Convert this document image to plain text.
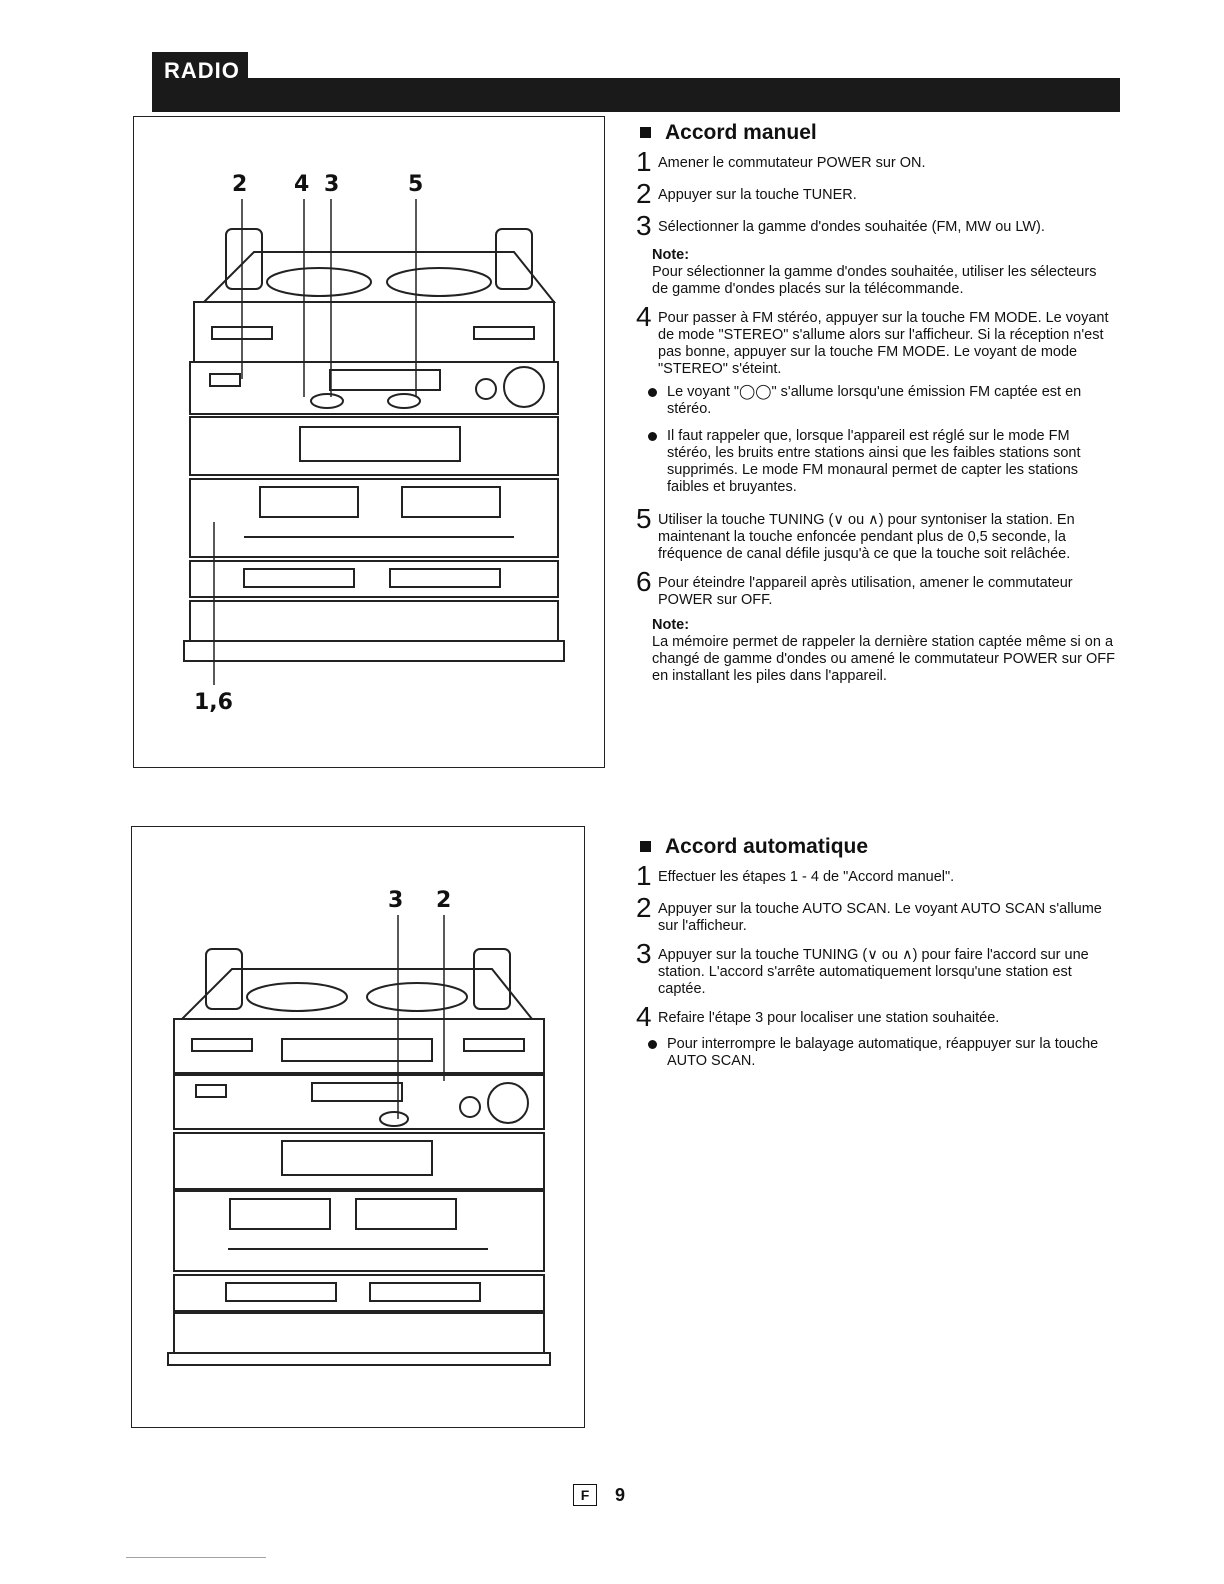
RADIO
2 4 3	5
1,6
3 2
Accord manuel
1 Amener le commutateur POWER sur ON.
2 Appuyer sur la touche TUNER.
3 Sélectionner la gamme d'ondes souhaitée (FM, MW ou LW).
Note:
Pour sélectionner la gamme d'ondes souhaitée, utiliser les sélecteurs de gamme d'ondes placés sur la télécommande.
4 Pour passer à FM stéréo, appuyer sur la touche FM MODE. Le voyant de mode "STEREO" s'allume alors sur l'afficheur. Si la réception n'est pas bonne, appuyer sur la touche FM MODE. Le voyant de mode "STEREO" s'éteint.
Le voyant "◯◯" s'allume lorsqu'une émission FM captée est en stéréo.
Il faut rappeler que, lorsque l'appareil est réglé sur le mode FM stéréo, les bruits entre stations ainsi que les faibles stations sont supprimés. Le mode FM monaural permet de capter les stations faibles et bruyantes.
5 Utiliser la touche TUNING (∨ ou ∧) pour syntoniser la station. En maintenant la touche enfoncée pendant plus de 0,5 seconde, la fréquence de canal défile jusqu'à ce que la touche soit relâchée.
6 Pour éteindre l'appareil après utilisation, amener le commutateur POWER sur OFF.
Note:
La mémoire permet de rappeler la dernière station captée même si on a changé de gamme d'ondes ou amené le commutateur POWER sur OFF en installant les piles dans l'appareil.
Accord automatique
1 Effectuer les étapes 1 - 4 de "Accord manuel".
2 Appuyer sur la touche AUTO SCAN. Le voyant AUTO SCAN s'allume sur l'afficheur.
3 Appuyer sur la touche TUNING (∨ ou ∧) pour faire l'accord sur une station. L'accord s'arrête automatiquement lorsqu'une station est captée.
4 Refaire l'étape 3 pour localiser une station souhaitée.
Pour interrompre le balayage automatique, réappuyer sur la touche AUTO SCAN.
F	9
